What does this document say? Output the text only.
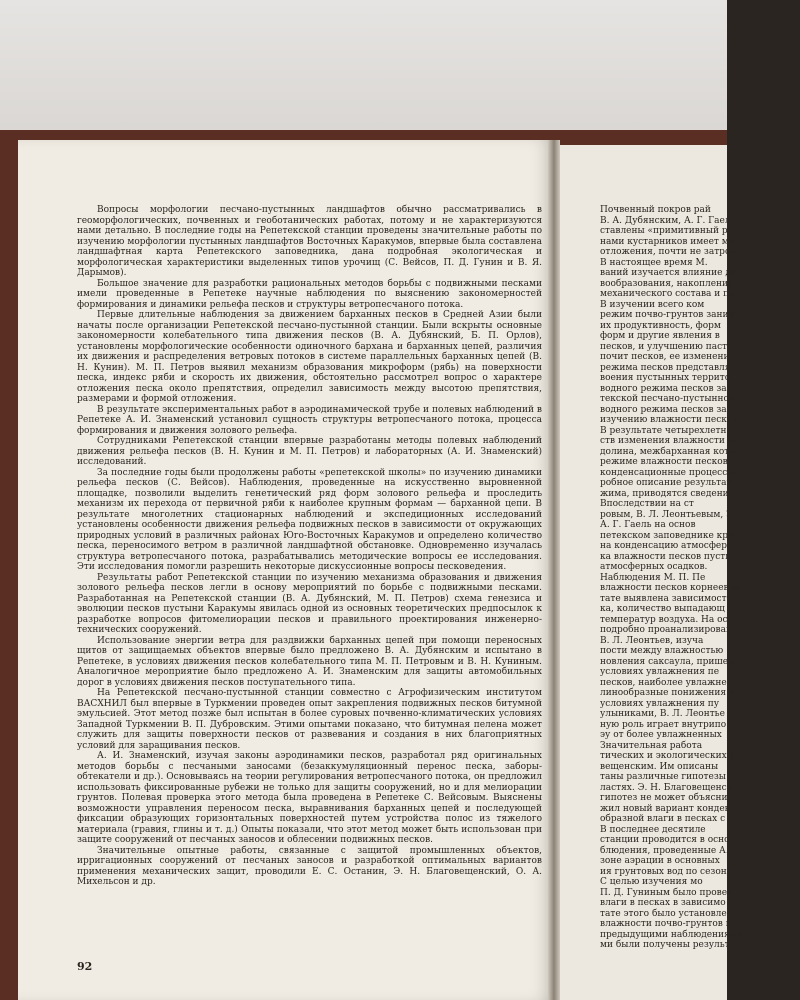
Почвенный покров рай
В. А. Дубянским, А. Г. Гаел
ставлены «примитивный р
нами кустарников имеет мо
отложения, почти не затрон
В настоящее время М.
ваний изучается влияние до
вообразования, накопление
механического состава и пр
В изучении всего ком
режим почво-грунтов заним
их продуктивность, форм
форм и другие явления в
песков, и улучшению паст
почит песков, ее изменени
режима песков представля
воения пустынных террито
водного режима песков за
текской песчано-пустынной
водного режима песков за
изучению влажности песков
В результате четырехлетн
ств изменения влажности п
долина, межбарханная котл
режиме влажности песков,
конденсационные процессы.
робное описание результат
жима, приводятся сведения
Впоследствии на ст
ровым, В. Л. Леонтьевым, З
А. Г. Гаель на основ
петекском заповеднике кри
на конденсацию атмосфер
ка влажности песков пусты
атмосферных осадков.
Наблюдения М. П. Пе
влажности песков корнеевых
тате выявлена зависимост
ка, количество выпадающ
температур воздуха. На ос
подробно проанализирован
В. Л. Леонтьев, изуча
пости между влажностью
новления саксаула, пришел
условиях увлажнения пе
песков, наиболее увлажне
линообразные понижения с
условиях увлажнения пу
улыниками, В. Л. Леонтье
ную роль играет внутрипо
эу от более увлажненных
Значительная работа
тических и экологических у
вещенским. Им описаны
таны различные гипотезы
ластях. Э. Н. Благовещенск
гипотез не может объясни
жил новый вариант конден
образной влаги в песках с
В последнее десятиле
станции проводится в осно
блюдения, проведенные А.
зоне аэрации в основных
ия грунтовых вод по сезона
С целью изучения мо
П. Д. Гуниным было провед
влаги в песках в зависимо
тате этого было установле
влажности почво-грунтов в
предыдущими наблюдениями.
ми были получены результ

Вопросы морфологии песчано-пустынных ландшафтов обычно рассматривались в геоморфологических, почвенных и геоботанических работах, потому и не характеризуются нами детально. В последние годы на Репетекской станции проведены значительные работы по изучению морфологии пустынных ландшафтов Восточных Каракумов, впервые была составлена ландшафтная карта Репетекского заповедника, дана подробная экологическая и морфологическая характеристики выделенных типов урочищ (С. Вейсов, П. Д. Гунин и В. Я. Дарымов).

Большое значение для разработки рациональных методов борьбы с подвижными песками имели проведенные в Репетеке научные наблюдения по выяснению закономерностей формирования и динамики рельефа песков и структуры ветропесчаного потока.

Первые длительные наблюдения за движением барханных песков в Средней Азии были начаты после организации Репетекской песчано-пустынной станции. Были вскрыты основные закономерности колебательного типа движения песков (В. А. Дубянский, Б. П. Орлов), установлены морфологические особенности одиночного бархана и барханных цепей, различия их движения и распределения ветровых потоков в системе параллельных барханных цепей (В. Н. Кунин). М. П. Петров выявил механизм образования микроформ (рябь) на поверхности песка, индекс ряби и скорость их движения, обстоятельно рассмотрел вопрос о характере отложения песка около препятствия, определил зависимость между высотою препятствия, размерами и формой отложения.

В результате экспериментальных работ в аэродинамической трубе и полевых наблюдений в Репетеке А. И. Знаменский установил сущность структуры ветропесчаного потока, процесса формирования и движения золового рельефа.

Сотрудниками Репетекской станции впервые разработаны методы полевых наблюдений движения рельефа песков (В. Н. Кунин и М. П. Петров) и лабораторных (А. И. Знаменский) исследований.

За последние годы были продолжены работы «репетекской школы» по изучению динамики рельефа песков (С. Вейсов). Наблюдения, проведенные на искусственно выровненной площадке, позволили выделить генетический ряд форм золового рельефа и проследить механизм их перехода от первичной ряби к наиболее крупным формам — барханной цепи. В результате многолетних стационарных наблюдений и экспедиционных исследований установлены особенности движения рельефа подвижных песков в зависимости от окружающих природных условий в различных районах Юго-Восточных Каракумов и определено количество песка, переносимого ветром в различной ландшафтной обстановке. Одновременно изучалась структура ветропесчаного потока, разрабатывались методические вопросы ее исследования. Эти исследования помогли разрешить некоторые дискуссионные вопросы песковедения.

Результаты работ Репетекской станции по изучению механизма образования и движения золового рельефа песков легли в основу мероприятий по борьбе с подвижными песками. Разработанная на Репетекской станции (В. А. Дубянский, М. П. Петров) схема генезиса и эволюции песков пустыни Каракумы явилась одной из основных теоретических предпосылок к разработке вопросов фитомелиорации песков и правильного проектирования инженерно-технических сооружений.

Использование энергии ветра для раздвижки барханных цепей при помощи переносных щитов от защищаемых объектов впервые было предложено В. А. Дубянским и испытано в Репетеке, в условиях движения песков колебательного типа М. П. Петровым и В. Н. Куниным. Аналогичное мероприятие было предложено А. И. Знаменским для защиты автомобильных дорог в условиях движения песков поступательного типа.

На Репетекской песчано-пустынной станции совместно с Агрофизическим институтом ВАСХНИЛ был впервые в Туркмении проведен опыт закрепления подвижных песков битумной эмульсией. Этот метод позже был испытан в более суровых почвенно-климатических условиях Западной Туркмении В. П. Дубровским. Этими опытами показано, что битумная пелена может служить для защиты поверхности песков от развевания и создания в них благоприятных условий для заращивания песков.

А. И. Знаменский, изучая законы аэродинамики песков, разработал ряд оригинальных методов борьбы с песчаными заносами (безаккумуляционный перенос песка, заборы-обтекатели и др.). Основываясь на теории регулирования ветропесчаного потока, он предложил использовать фиксированные рубежи не только для защиты сооружений, но и для мелиорации грунтов. Полевая проверка этого метода была проведена в Репетеке С. Вейсовым. Выяснены возможности управления переносом песка, выравнивания барханных цепей и последующей фиксации образующих горизонтальных поверхностей путем устройства полос из тяжелого материала (гравия, глины и т. д.) Опыты показали, что этот метод может быть использован при защите сооружений от песчаных заносов и облесении подвижных песков.

Значительные опытные работы, связанные с защитой промышленных объектов, ирригационных сооружений от песчаных заносов и разработкой оптимальных вариантов применения механических защит, проводили Е. С. Останин, Э. Н. Благовещенский, О. А. Михельсон и др.

92
